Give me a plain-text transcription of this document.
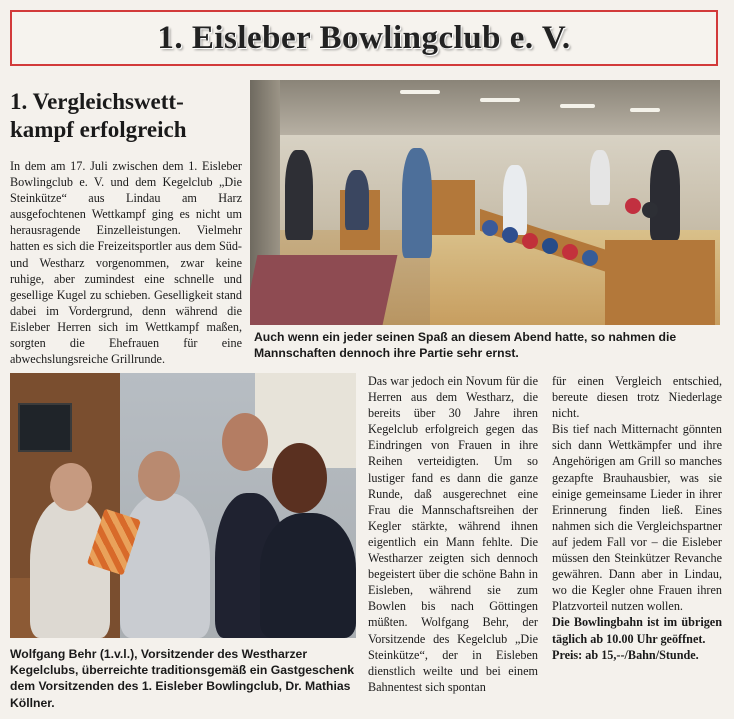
1. Eisleber Bowlingclub e. V.
1. Vergleichswett-kampf erfolgreich

In dem am 17. Juli zwischen dem 1. Eisleber Bowlingclub e. V. und dem Kegelclub „Die Steinkütze“ aus Lindau am Harz ausgefochtenen Wettkampf ging es nicht um herausragende Einzelleistungen. Vielmehr hatten es sich die Freizeitsportler aus dem Süd- und Westharz vorgenommen, zwar keine ruhige, aber zumindest eine schnelle und gesellige Kugel zu schieben. Geselligkeit stand dabei im Vordergrund, denn während die Eisleber Herren sich im Wettkampf maßen, sorgten die Ehefrauen für eine abwechslungsreiche Grillrunde.

Auch wenn ein jeder seinen Spaß an diesem Abend hatte, so nahmen die Mannschaften dennoch ihre Partie sehr ernst.

Wolfgang Behr (1.v.l.), Vorsitzender des Westharzer Kegelclubs, überreichte traditionsgemäß ein Gastgeschenk dem Vorsitzenden des 1. Eisleber Bowlingclub, Dr. Mathias Köllner.

Das war jedoch ein Novum für die Herren aus dem Westharz, die bereits über 30 Jahre ihren Kegelclub erfolgreich gegen das Eindringen von Frauen in ihre Reihen verteidigten. Um so lustiger fand es dann die ganze Runde, daß ausgerechnet eine Frau die Mannschaftsreihen der Kegler stärkte, während ihnen eigentlich ein Mann fehlte. Die Westharzer zeigten sich dennoch begeistert über die schöne Bahn in Eisleben, während sie zum Bowlen bis nach Göttingen müßten. Wolfgang Behr, der Vorsitzende des Kegelclub „Die Steinkütze“, der in Eisleben dienstlich weilte und bei einem Bahnentest sich spontan

für einen Vergleich entschied, bereute diesen trotz Niederlage nicht.

Bis tief nach Mitternacht gönnten sich dann Wettkämpfer und ihre Angehörigen am Grill so manches gezapfte Brauhausbier, was sie einige gemeinsame Lieder in ihrer Erinnerung finden ließ. Eines nahmen sich die Vergleichspartner auf jedem Fall vor – die Eisleber müssen den Steinkützer Revanche gewähren. Dann aber in Lindau, wo die Kegler ohne Frauen ihren Platzvorteil nutzen wollen.

Die Bowlingbahn ist im übrigen täglich ab 10.00 Uhr geöffnet.

Preis: ab 15,--/Bahn/Stunde.
